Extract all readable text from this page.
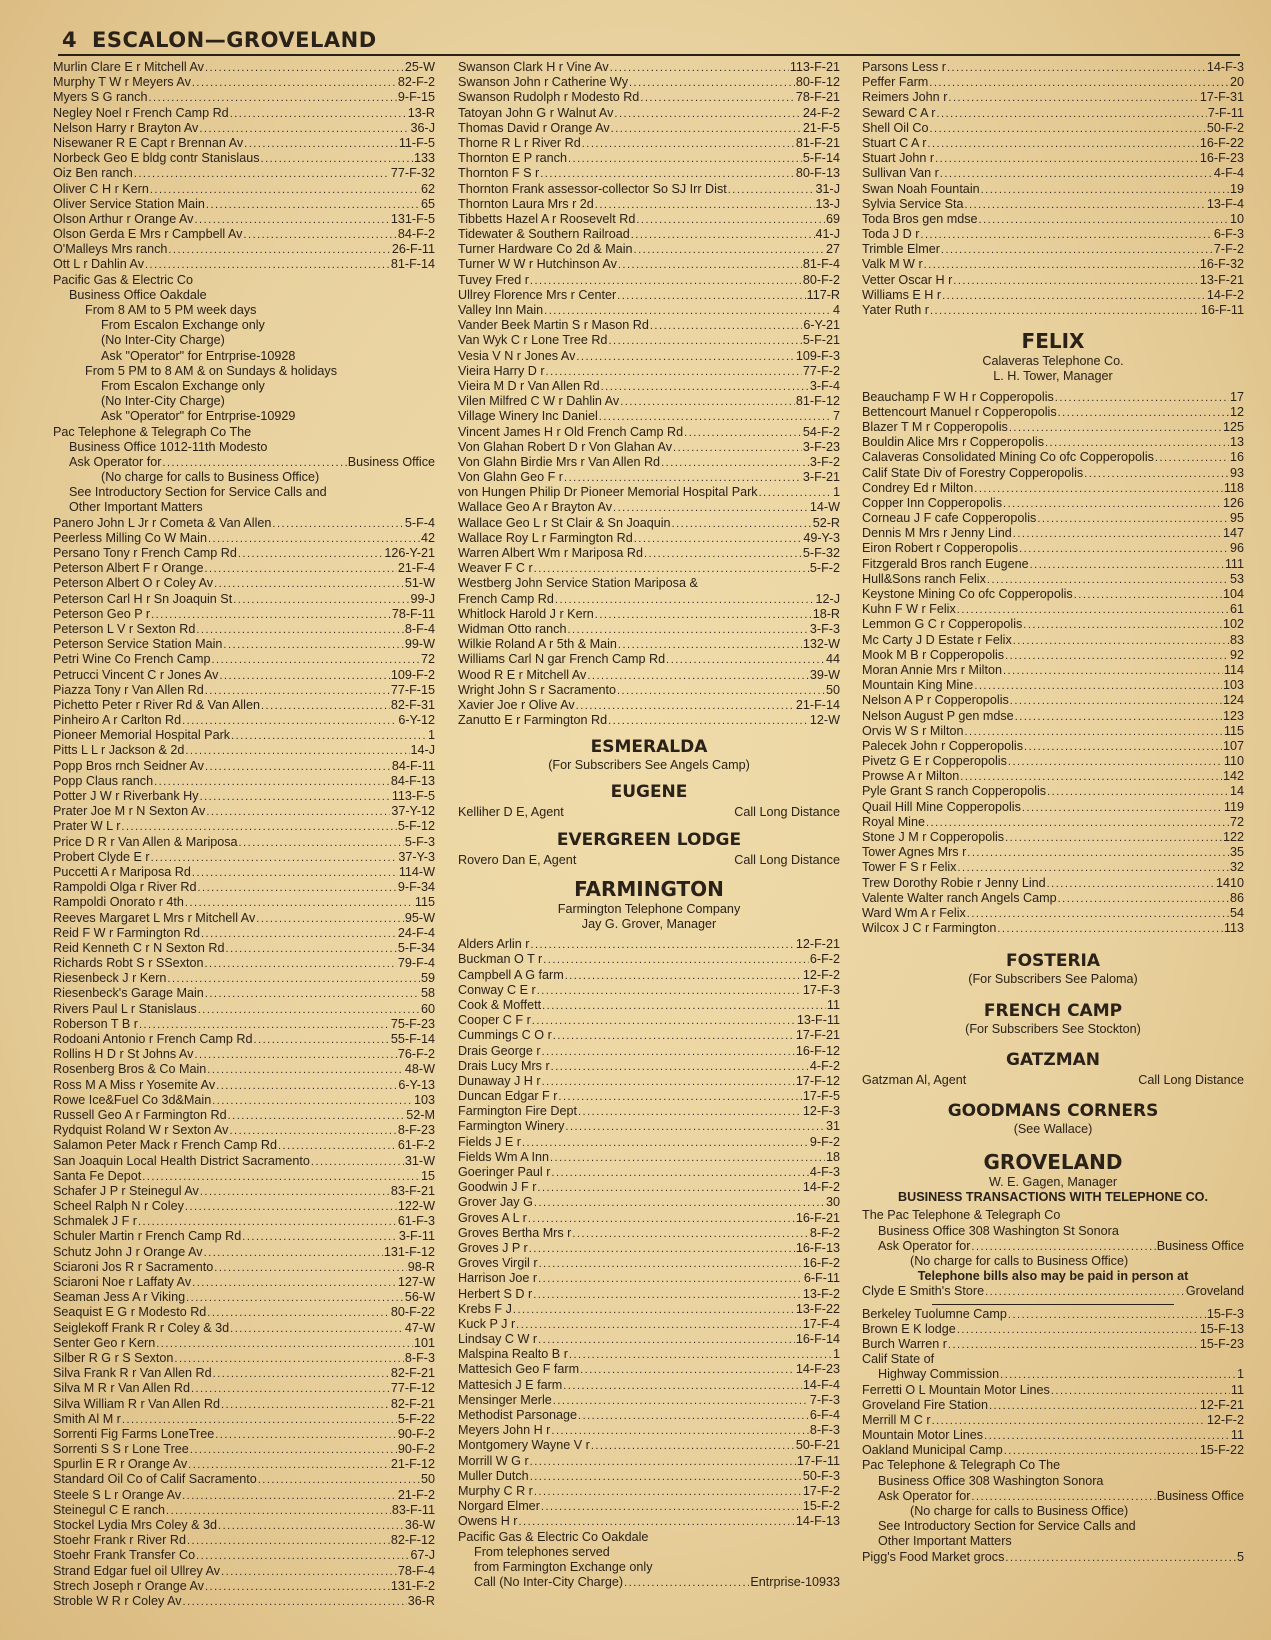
4 ESCALON—GROVELAND
Murlin Clare E r Mitchell Av .....	25-W
Murphy T W r Meyers Av .....	82-F-2
Myers S G ranch .....	9-F-15
Negley Noel r French Camp Rd .....	13-R
Nelson Harry r Brayton Av .....	36-J
Nisewaner R E Capt r Brennan Av .....	11-F-5
Norbeck Geo E bldg contr Stanislaus .....	133
Oiz Ben ranch .....	77-F-32
Oliver C H r Kern .....	62
Oliver Service Station Main .....	65
Olson Arthur r Orange Av .....	131-F-5
Olson Gerda E Mrs r Campbell Av .....	84-F-2
O'Malleys Mrs ranch .....	26-F-11
Ott L r Dahlin Av .....	81-F-14
Pacific Gas & Electric Co
Business Office Oakdale
From 8 AM to 5 PM week days
From Escalon Exchange only
(No Inter-City Charge)
Ask "Operator" for Entrprise-10928
From 5 PM to 8 AM & on Sundays & holidays
From Escalon Exchange only
(No Inter-City Charge)
Ask "Operator" for Entrprise-10929
Pac Telephone & Telegraph Co The
Business Office 1012-11th Modesto
Ask Operator for .....	Business Office
(No charge for calls to Business Office)
See Introductory Section for Service Calls and
Other Important Matters
Panero John L Jr r Cometa & Van Allen .....	5-F-4
Peerless Milling Co W Main .....	42
Persano Tony r French Camp Rd .....	126-Y-21
Peterson Albert F r Orange .....	21-F-4
Peterson Albert O r Coley Av .....	51-W
Peterson Carl H r Sn Joaquin St .....	99-J
Peterson Geo P r .....	78-F-11
Peterson L V r Sexton Rd .....	8-F-4
Peterson Service Station Main .....	99-W
Petri Wine Co French Camp .....	72
Petrucci Vincent C r Jones Av .....	109-F-2
Piazza Tony r Van Allen Rd .....	77-F-15
Pichetto Peter r River Rd & Van Allen .....	82-F-31
Pinheiro A r Carlton Rd .....	6-Y-12
Pioneer Memorial Hospital Park .....	1
Pitts L L r Jackson & 2d .....	14-J
Popp Bros rnch Seidner Av .....	84-F-11
Popp Claus ranch .....	84-F-13
Potter J W r Riverbank Hy .....	113-F-5
Prater Joe M r N Sexton Av .....	37-Y-12
Prater W L r .....	5-F-12
Price D R r Van Allen & Mariposa .....	5-F-3
Probert Clyde E r .....	37-Y-3
Puccetti A r Mariposa Rd .....	114-W
Rampoldi Olga r River Rd .....	9-F-34
Rampoldi Onorato r 4th .....	115
Reeves Margaret L Mrs r Mitchell Av .....	95-W
Reid F W r Farmington Rd .....	24-F-4
Reid Kenneth C r N Sexton Rd .....	5-F-34
Richards Robt S r SSexton .....	79-F-4
Riesenbeck J r Kern .....	59
Riesenbeck's Garage Main .....	58
Rivers Paul L r Stanislaus .....	60
Roberson T B r .....	75-F-23
Rodoani Antonio r French Camp Rd .....	55-F-14
Rollins H D r St Johns Av .....	76-F-2
Rosenberg Bros & Co Main .....	48-W
Ross M A Miss r Yosemite Av .....	6-Y-13
Rowe Ice&Fuel Co 3d&Main .....	103
Russell Geo A r Farmington Rd .....	52-M
Rydquist Roland W r Sexton Av .....	8-F-23
Salamon Peter Mack r French Camp Rd .....	61-F-2
San Joaquin Local Health District Sacramento .....	31-W
Santa Fe Depot .....	15
Schafer J P r Steinegul Av .....	83-F-21
Scheel Ralph N r Coley .....	122-W
Schmalek J F r .....	61-F-3
Schuler Martin r French Camp Rd .....	3-F-11
Schutz John J r Orange Av .....	131-F-12
Sciaroni Jos R r Sacramento .....	98-R
Sciaroni Noe r Laffaty Av .....	127-W
Seaman Jess A r Viking .....	56-W
Seaquist E G r Modesto Rd .....	80-F-22
Seiglekoff Frank R r Coley & 3d .....	47-W
Senter Geo r Kern .....	101
Silber R G r S Sexton .....	8-F-3
Silva Frank R r Van Allen Rd .....	82-F-21
Silva M R r Van Allen Rd .....	77-F-12
Silva William R r Van Allen Rd .....	82-F-21
Smith Al M r .....	5-F-22
Sorrenti Fig Farms LoneTree .....	90-F-2
Sorrenti S S r Lone Tree .....	90-F-2
Spurlin E R r Orange Av .....	21-F-12
Standard Oil Co of Calif Sacramento .....	50
Steele S L r Orange Av .....	21-F-2
Steinegul C E ranch .....	83-F-11
Stockel Lydia Mrs Coley & 3d .....	36-W
Stoehr Frank r River Rd .....	82-F-12
Stoehr Frank Transfer Co .....	67-J
Strand Edgar fuel oil Ullrey Av .....	78-F-4
Strech Joseph r Orange Av .....	131-F-2
Stroble W R r Coley Av .....	36-R
Swanson Clark H r Vine Av .....	113-F-21
Swanson John r Catherine Wy .....	80-F-12
Swanson Rudolph r Modesto Rd .....	78-F-21
Tatoyan John G r Walnut Av .....	24-F-2
Thomas David r Orange Av .....	21-F-5
Thorne R L r River Rd .....	81-F-21
Thornton E P ranch .....	5-F-14
Thornton F S r .....	80-F-13
Thornton Frank assessor-collector So SJ Irr Dist .....	31-J
Thornton Laura Mrs r 2d .....	13-J
Tibbetts Hazel A r Roosevelt Rd .....	69
Tidewater & Southern Railroad .....	41-J
Turner Hardware Co 2d & Main .....	27
Turner W W r Hutchinson Av .....	81-F-4
Tuvey Fred r .....	80-F-2
Ullrey Florence Mrs r Center .....	117-R
Valley Inn Main .....	4
Vander Beek Martin S r Mason Rd .....	6-Y-21
Van Wyk C r Lone Tree Rd .....	5-F-21
Vesia V N r Jones Av .....	109-F-3
Vieira Harry D r .....	77-F-2
Vieira M D r Van Allen Rd .....	3-F-4
Vilen Milfred C W r Dahlin Av .....	81-F-12
Village Winery Inc Daniel .....	7
Vincent James H r Old French Camp Rd .....	54-F-2
Von Glahan Robert D r Von Glahan Av .....	3-F-23
Von Glahn Birdie Mrs r Van Allen Rd .....	3-F-2
Von Glahn Geo F r .....	3-F-21
von Hungen Philip Dr Pioneer Memorial Hospital Park .....	1
Wallace Geo A r Brayton Av .....	14-W
Wallace Geo L r St Clair & Sn Joaquin .....	52-R
Wallace Roy L r Farmington Rd .....	49-Y-3
Warren Albert Wm r Mariposa Rd .....	5-F-32
Weaver F C r .....	5-F-2
Westberg John Service Station Mariposa &
French Camp Rd .....	12-J
Whitlock Harold J r Kern .....	18-R
Widman Otto ranch .....	3-F-3
Wilkie Roland A r 5th & Main .....	132-W
Williams Carl N gar French Camp Rd .....	44
Wood R E r Mitchell Av .....	39-W
Wright John S r Sacramento .....	50
Xavier Joe r Olive Av .....	21-F-14
Zanutto E r Farmington Rd .....	12-W
ESMERALDA
(For Subscribers See Angels Camp)
EUGENE
Kelliher D E, Agent	Call Long Distance
EVERGREEN LODGE
Rovero Dan E, Agent	Call Long Distance
FARMINGTON
Farmington Telephone Company
Jay G. Grover, Manager
Alders Arlin r .....	12-F-21
Buckman O T r .....	6-F-2
Campbell A G farm .....	12-F-2
Conway C E r .....	17-F-3
Cook & Moffett .....	11
Cooper C F r .....	13-F-11
Cummings C O r .....	17-F-21
Drais George r .....	16-F-12
Drais Lucy Mrs r .....	4-F-2
Dunaway J H r .....	17-F-12
Duncan Edgar F r .....	17-F-5
Farmington Fire Dept .....	12-F-3
Farmington Winery .....	31
Fields J E r .....	9-F-2
Fields Wm A Inn .....	18
Goeringer Paul r .....	4-F-3
Goodwin J F r .....	14-F-2
Grover Jay G .....	30
Groves A L r .....	16-F-21
Groves Bertha Mrs r .....	8-F-2
Groves J P r .....	16-F-13
Groves Virgil r .....	16-F-2
Harrison Joe r .....	6-F-11
Herbert S D r .....	13-F-2
Krebs F J .....	13-F-22
Kuck P J r .....	17-F-4
Lindsay C W r .....	16-F-14
Malspina Realto B r .....	1
Mattesich Geo F farm .....	14-F-23
Mattesich J E farm .....	14-F-4
Mensinger Merle .....	7-F-3
Methodist Parsonage .....	6-F-4
Meyers John H r .....	8-F-3
Montgomery Wayne V r .....	50-F-21
Morrill W G r .....	17-F-11
Muller Dutch .....	50-F-3
Murphy C R r .....	17-F-2
Norgard Elmer .....	15-F-2
Owens H r .....	14-F-13
Pacific Gas & Electric Co Oakdale
From telephones served
from Farmington Exchange only
Call (No Inter-City Charge) .....	Entrprise-10933
Parsons Less r .....	14-F-3
Peffer Farm .....	20
Reimers John r .....	17-F-31
Seward C A r .....	7-F-11
Shell Oil Co .....	50-F-2
Stuart C A r .....	16-F-22
Stuart John r .....	16-F-23
Sullivan Van r .....	4-F-4
Swan Noah Fountain .....	19
Sylvia Service Sta .....	13-F-4
Toda Bros gen mdse .....	10
Toda J D r .....	6-F-3
Trimble Elmer .....	7-F-2
Valk M W r .....	16-F-32
Vetter Oscar H r .....	13-F-21
Williams E H r .....	14-F-2
Yater Ruth r .....	16-F-11
FELIX
Calaveras Telephone Co.
L. H. Tower, Manager
Beauchamp F W H r Copperopolis .....	17
Bettencourt Manuel r Copperopolis .....	12
Blazer T M r Copperopolis .....	125
Bouldin Alice Mrs r Copperopolis .....	13
Calaveras Consolidated Mining Co ofc Copperopolis .....	16
Calif State Div of Forestry Copperopolis .....	93
Condrey Ed r Milton .....	118
Copper Inn Copperopolis .....	126
Corneau J F cafe Copperopolis .....	95
Dennis M Mrs r Jenny Lind .....	147
Eiron Robert r Copperopolis .....	96
Fitzgerald Bros ranch Eugene .....	111
Hull&Sons ranch Felix .....	53
Keystone Mining Co ofc Copperopolis .....	104
Kuhn F W r Felix .....	61
Lemmon G C r Copperopolis .....	102
Mc Carty J D Estate r Felix .....	83
Mook M B r Copperopolis .....	92
Moran Annie Mrs r Milton .....	114
Mountain King Mine .....	103
Nelson A P r Copperopolis .....	124
Nelson August P gen mdse .....	123
Orvis W S r Milton .....	115
Palecek John r Copperopolis .....	107
Pivetz G E r Copperopolis .....	110
Prowse A r Milton .....	142
Pyle Grant S ranch Copperopolis .....	14
Quail Hill Mine Copperopolis .....	119
Royal Mine .....	72
Stone J M r Copperopolis .....	122
Tower Agnes Mrs r .....	35
Tower F S r Felix .....	32
Trew Dorothy Robie r Jenny Lind .....	1410
Valente Walter ranch Angels Camp .....	86
Ward Wm A r Felix .....	54
Wilcox J C r Farmington .....	113
FOSTERIA
(For Subscribers See Paloma)
FRENCH CAMP
(For Subscribers See Stockton)
GATZMAN
Gatzman Al, Agent	Call Long Distance
GOODMANS CORNERS
(See Wallace)
GROVELAND
W. E. Gagen, Manager
BUSINESS TRANSACTIONS WITH TELEPHONE CO.
The Pac Telephone & Telegraph Co
Business Office 308 Washington St Sonora
Ask Operator for .....	Business Office
(No charge for calls to Business Office)
Telephone bills also may be paid in person at
Clyde E Smith's Store .....	Groveland
Berkeley Tuolumne Camp .....	15-F-3
Brown E K lodge .....	15-F-13
Burch Warren r .....	15-F-23
Calif State of
Highway Commission .....	1
Ferretti O L Mountain Motor Lines .....	11
Groveland Fire Station .....	12-F-21
Merrill M C r .....	12-F-2
Mountain Motor Lines .....	11
Oakland Municipal Camp .....	15-F-22
Pac Telephone & Telegraph Co The
Business Office 308 Washington Sonora
Ask Operator for .....	Business Office
(No charge for calls to Business Office)
See Introductory Section for Service Calls and
Other Important Matters
Pigg's Food Market grocs .....	5
